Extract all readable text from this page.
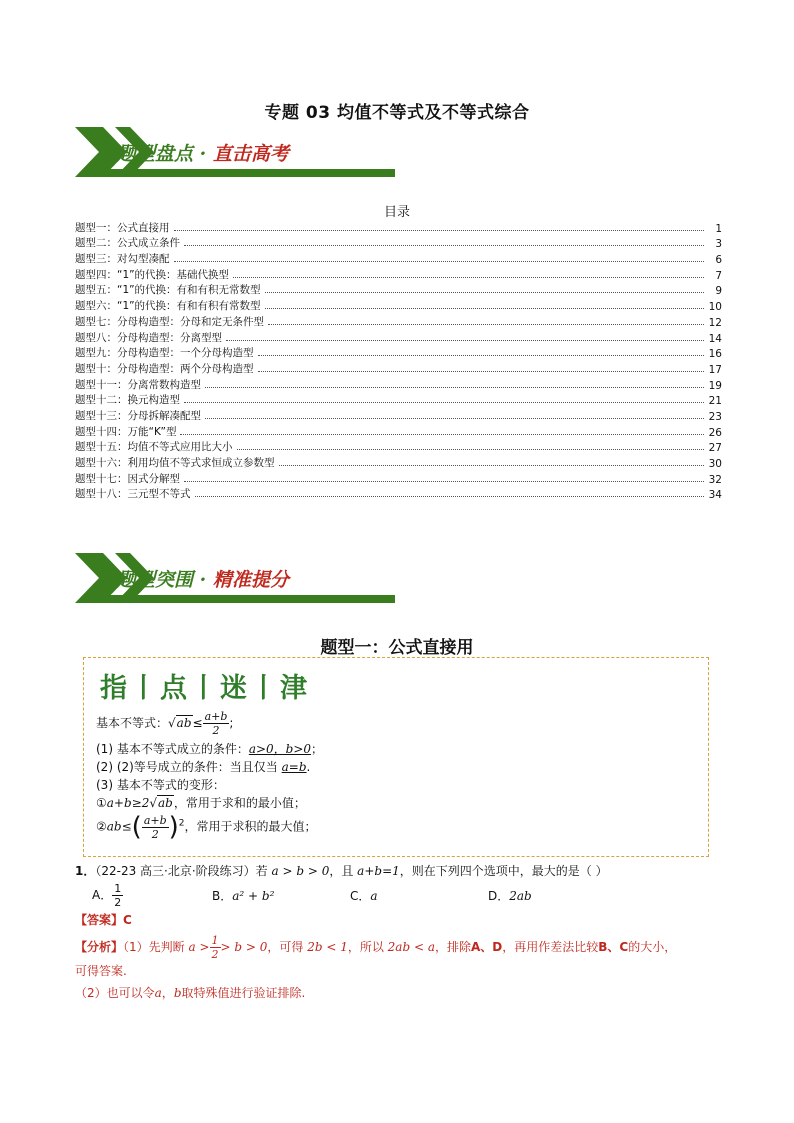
专题 03 均值不等式及不等式综合
题型盘点 · 直击高考
目录
题型一：公式直接用	1
题型二：公式成立条件	3
题型三：对勾型凑配	6
题型四：“1”的代换：基础代换型	7
题型五：“1”的代换：有和有积无常数型	9
题型六：“1”的代换：有和有积有常数型	10
题型七：分母构造型：分母和定无条件型	12
题型八：分母构造型：分离型型	14
题型九：分母构造型：一个分母构造型	16
题型十：分母构造型：两个分母构造型	17
题型十一：分离常数构造型	19
题型十二：换元构造型	21
题型十三：分母拆解凑配型	23
题型十四：万能“K”型	26
题型十五：均值不等式应用比大小	27
题型十六：利用均值不等式求恒成立参数型	30
题型十七：因式分解型	32
题型十八：三元型不等式	34
题型突围 · 精准提分
题型一：公式直接用
指丨点丨迷丨津
基本不等式：$√ab\le \frac{a+b}{2}$ ;
(1) 基本不等式成立的条件：a>0，b>0；
(2) (2)等号成立的条件：当且仅当 a=b.
(3) 基本不等式的变形：
①a+b≥2√ab，常用于求和的最小值；
②ab≤( $\frac{a+b}{2} )^2$，常用于求积的最大值；
1．（22-23 高三·北京·阶段练习）若 a > b > 0，且 a+b=1，则在下列四个选项中，最大的是（ ）
A． $\frac{1}{2}$	B．a² + b²	C．a	D．2ab
【答案】C
【分析】（1）先判断 $a > \frac{1}{2} > b > 0$，可得 2b < 1，所以 2ab < a，排除A、D，再用作差法比较B、C的大小，
可得答案.
（2）也可以令a，b取特殊值进行验证排除.
